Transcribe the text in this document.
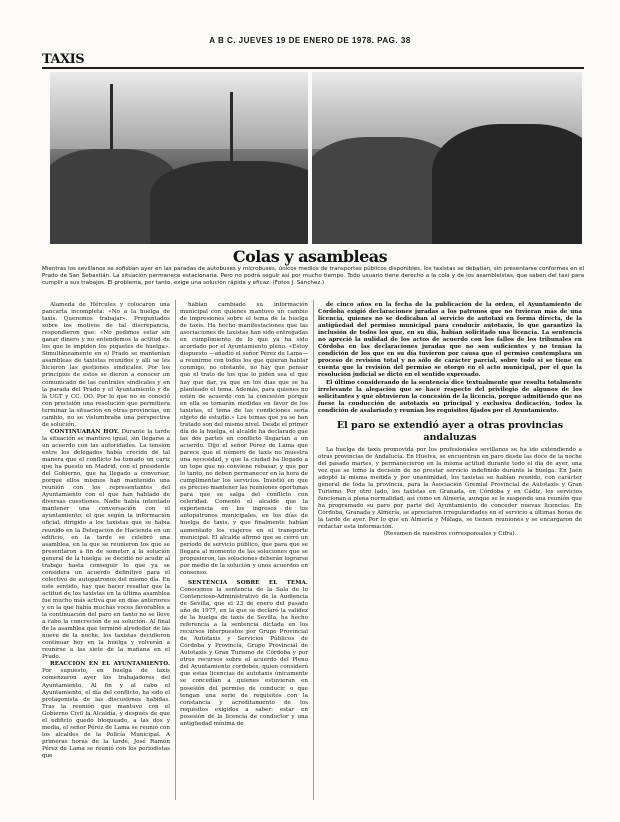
A B C. JUEVES 19 DE ENERO DE 1978. PAG. 38
TAXIS
Colas y asambleas
Mientras los sevillanos se sofisban ayer en las paradas de autobuses y microbuses, únicos medios de transportes públicos disponibles, los taxistas se debatían, sin presentarse conformes en el Prado de San Sebastián. La situación permanece estacionaria. Pero no podrá seguir así por mucho tiempo. Todo usuario tiene derecho a la cola y de los asambleistas, que saben del taxi para cumplir a sus trabajos. El problema, por tanto, exige una solución rápida y eficaz. (Fotos J. Sánchez.)
Alameda de Hércules y colocaron una pancarta incompleta: «No a la huelga de taxis. Queremos trabajar». Preguntados sobre los motivos de tal discrepancia, respondieron que: «No pedimos estar sin ganar dinero y no entendemos la actitud de los que le impiden los piquetes de huelga». Simultáneamente en el Prado se mantenían asambleas de taxistas reunidos y allí se les hicieron las gestiones sindicales. Por los principios de estos se dieron a conocer un comunicado de las centrales sindicales y en la parada del Prado y el Ayuntamiento y de la UGT y CC. OO. Por lo que no se conoció con precisión una resolución que permitiera terminar la situación en otras provincias, en cambio, no se vislumbraba una perspectiva de solución.
CONTINUARÁN HOY. Durante la tarde la situación se mantuvo igual, sin llegarse a un acuerdo con las autoridades. La tensión entre los delegados había crecido de tal manera que el conflicto ha tomado un cariz que ha puesto en Madrid, con el presidente del Gobierno, que ha llegado a conversar, porque ellos mismos han mantenido una reunión con los representantes del Ayuntamiento con el que han hablado de diversas cuestiones. Nadie había intentado mantener una conversación con el ayuntamiento; el que según la información oficial, dirigido a los taxistas que se había reunido en la Delegación de Hacienda en un edificio, en la tarde se celebró una asamblea, en la que se reunieron los que se presentaron a fin de someter a la solución general de la huelga: se decidió no acudir al trabajo hasta conseguir lo que ya se considera un acuerdo definitivo para el colectivo de autopatronos del mismo día. En este sentido, hay que hacer resaltar que la actitud de los taxistas en la última asamblea fue mucho más activa que en días anteriores y en la que había muchas voces favorables a la continuación del paro en tanto no se lleve a cabo la concreción de su solución. Al final de la asamblea que terminó alrededor de las nueve de la noche, los taxistas decidieron continuar hoy en la huelga y volverán a reunirse a las siete de la mañana en el Prado.
REACCIÓN EN EL AYUNTAMIENTO. Por supuesto, en huelga de taxis comenzaron ayer los trabajadores del Ayuntamiento. Al fin y al cabo el Ayuntamiento, el día del conflicto, ha sido el protagonista de las discusiones habidas. Tras la reunión que mantuvo con el Gobierno Civil la Alcaldía, y después de que el edificio quedó bloqueado, a las dos y media, el señor Pérez de Lama se reunió con los alcaldes de la Policía Municipal. A primeras horas de la tarde, José Ramón Pérez de Lama se reunió con los periodistas que
habían cambiado su información municipal con quienes mantuvo un cambio de impresiones sobre el tema de la huelga de taxis. Ha hecho manifestaciones que las asociaciones de taxistas han sido entregadas en cumplimiento de lo que ya ha sido acordado por el Ayuntamiento pleno. «Estoy dispuesto —añadió el señor Pérez de Lama— a reunirme con todos los que quieran hablar conmigo, no obstante, no hay que pensar que el trato de los que lo piden sea el que hay que dar, ya que en los días que se ha planteado el tema. Además, para quienes no estén de acuerdo con la concesión porque en ella se tomarán medidas en favor de los taxistas, el tema de las condiciones sería objeto de estudio.» Los temas que ya se han tratado son del mismo nivel. Desde el primer día de la huelga, el alcalde ha declarado que las dos partes en conflicto llegarían a un acuerdo. Dijo el señor Pérez de Lama que parece que el número de taxis no muestra una necesidad, y que la ciudad ha llegado a un tope que no conviene rebasar, y que por lo tanto, no deben permanecer en la hora de cumplimentar los servicios. Insistió en que es preciso mantener las reuniones oportunas para que se salga del conflicto con celeridad. Comentó el alcalde que la experiencia en los ingresos de los autopatronos municipales, en los días de huelga de taxis, y que finalmente habían aumentado los viajeros en el transporte municipal. El alcalde afirmó que se cerró un período de servicio público, que para que se llegara al momento de las soluciones que se propusieron, las soluciones deberán lograrse por medio de la solución y unos acuerdos en consenso.
SENTENCIA SOBRE EL TEMA. Conocemos la sentencia de la Sala de lo Contencioso-Administrativo de la Audiencia de Sevilla, que el 23 de enero del pasado año de 1977, en la que se declaró la validez de la huelga de taxis de Sevilla, ha hecho referencia a la sentencia dictada en los recursos interpuestos por Grupo Provincial de Autotaxis y Servicios Públicos de Córdoba y Provincia, Grupo Provincial de Autotaxis y Gran Turismo de Córdoba y por otros recursos sobre el acuerdo del Pleno del Ayuntamiento cordobés, quien consideró que estas licencias de autotaxis únicamente se concedían a quienes estuvieran en posesión del permiso de conducir, o que tengan una serie de requisitos con la constancia y acreditamiento de los requisitos exigidos a saber: estar en posesión de la licencia de conductor y una antigüedad mínima de
de cinco años en la fecha de la publicación de la orden, el Ayuntamiento de Córdoba exigió declaraciones juradas a los patronos que no tuvieran más de una licencia, quienes no se dedicaban al servicio de autotaxi en forma directa, de la antigüedad del permiso municipal para conducir autotaxis, lo que garantizó la inclusión de todos los que, en su día, habían solicitado una licencia. La sentencia no apreció la nulidad de los actos de acuerdo con los fallos de los tribunales en Córdoba en las declaraciones juradas que no son suficientes y no tenían la condición de los que en su día tuvieron por causa que el permiso contemplara un proceso de revisión total y no sólo de carácter parcial, sobre todo si se tiene en cuenta que la revisión del permiso se otorgó en el acto municipal, por el que la resolución judicial se dictó en el sentido expresado.
El último considerando de la sentencia dice textualmente que resulta totalmente irrelevante la alegación que se hace respecto del privilegio de algunos de los solicitantes y que obtuvieron la concesión de la licencia, porque admitiendo que no fuese la conducción de autotaxis su principal y exclusiva dedicación, todos la condición de asalariado y reunían los requisitos fijados por el Ayuntamiento.
El paro se extendió ayer a otras provincias andaluzas
La huelga de taxis promovida por los profesionales sevillanos se ha ido extendiendo a otras provincias de Andalucía. En Huelva, se encuentran en paro desde las doce de la noche del pasado martes, y permanecieron en la misma actitud durante todo el día de ayer, una vez que se tomó la decisión de no prestar servicio indefinido durante la huelga. En Jaén adoptó la misma medida y por unanimidad, los taxistas se habían reunido, con carácter general de toda la provincia, para la Asociación Gremial Provincial de Autotaxis y Gran Turismo. Por otro lado, los taxistas en Granada, en Córdoba y en Cádiz, los servicios funcionan a plena normalidad, así como en Almería, aunque se le suspende una reunión que ha programado su paro por parte del Ayuntamiento de conceder nuevas licencias. En Córdoba, Granada y Almería, se apreciaron irregularidades en el servicio a últimas horas de la tarde de ayer. Por lo que en Almería y Málaga, se tienen reuniones y se encargaron de redactar esta información.
(Resumen de nuestros corresponsales y Cifra).
